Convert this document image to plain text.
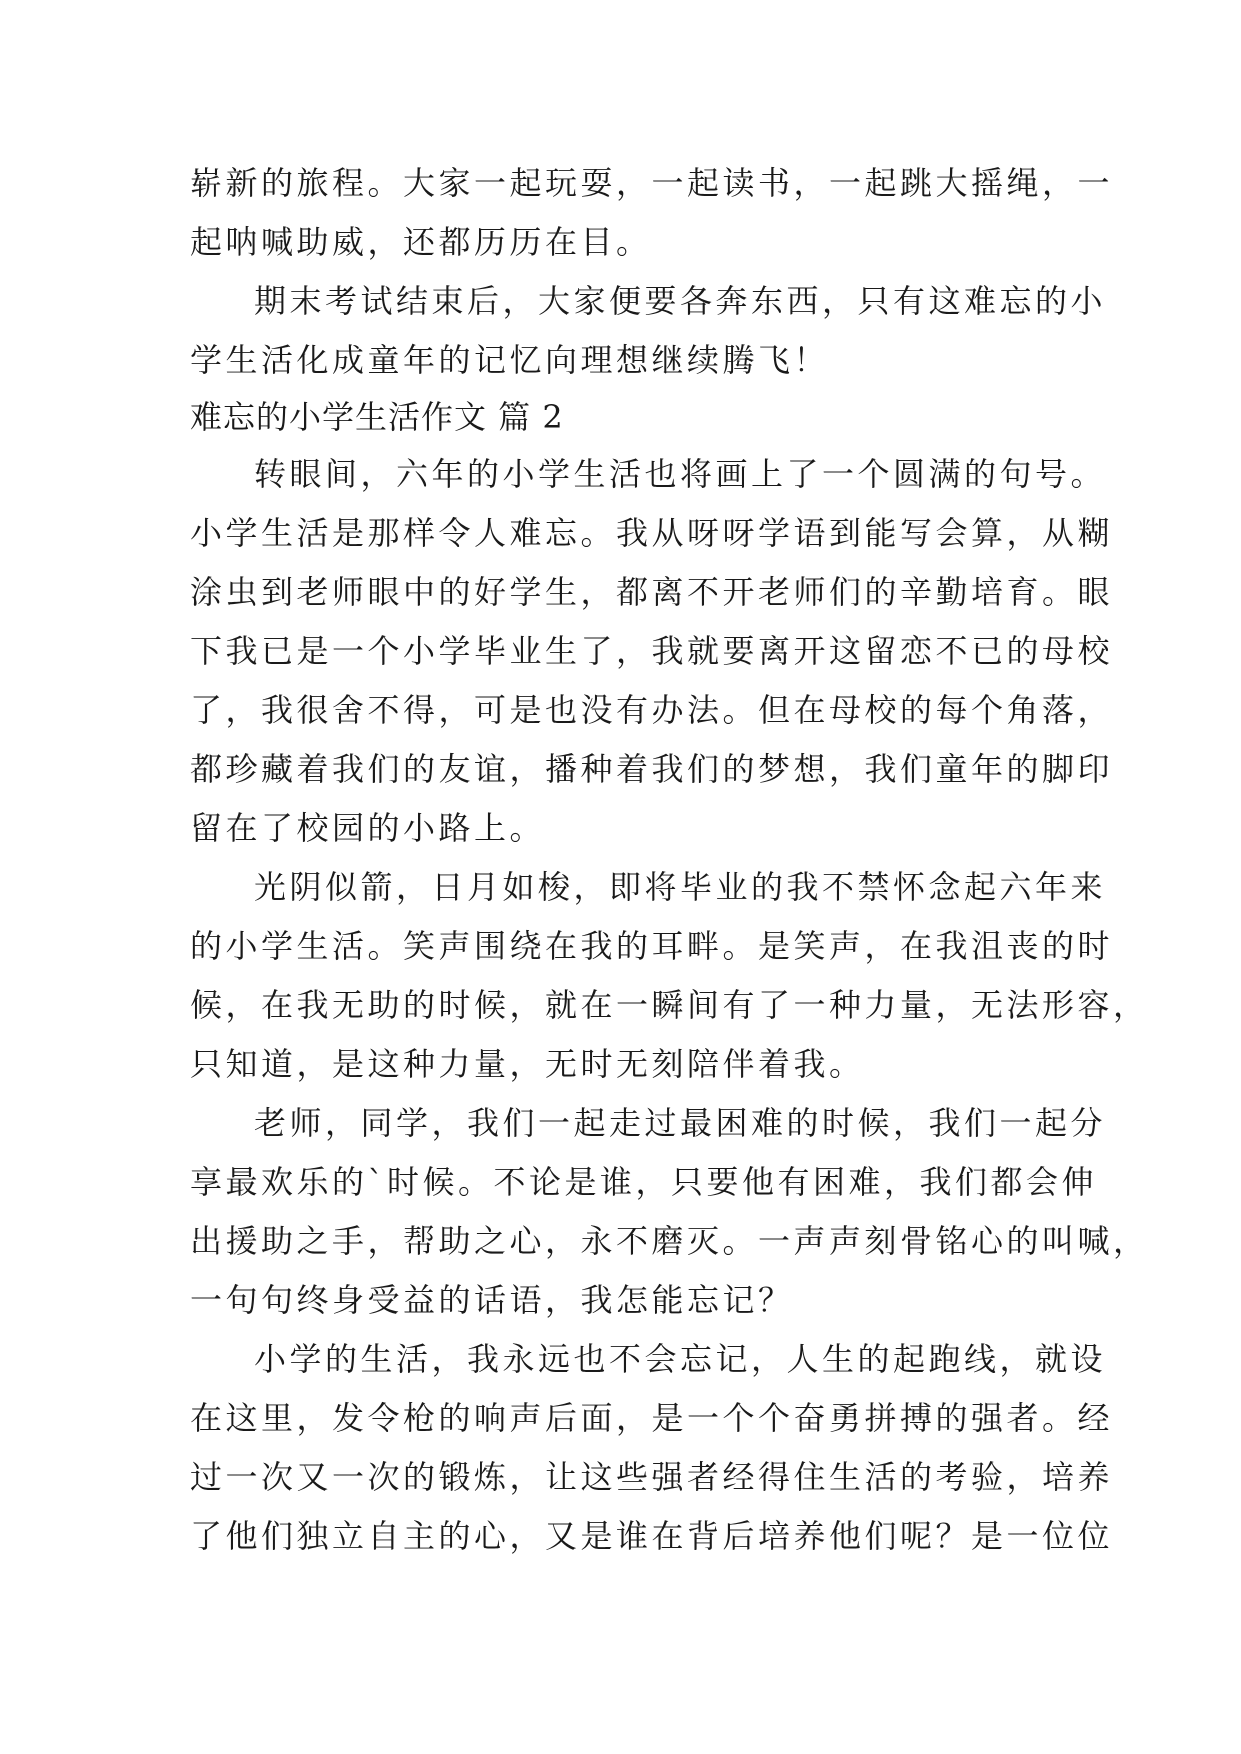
崭新的旅程。大家一起玩耍，一起读书，一起跳大摇绳，一
起呐喊助威，还都历历在目。
期末考试结束后，大家便要各奔东西，只有这难忘的小
学生活化成童年的记忆向理想继续腾飞！
难忘的小学生活作文 篇 2
转眼间，六年的小学生活也将画上了一个圆满的句号。
小学生活是那样令人难忘。我从呀呀学语到能写会算，从糊
涂虫到老师眼中的好学生，都离不开老师们的辛勤培育。眼
下我已是一个小学毕业生了，我就要离开这留恋不已的母校
了，我很舍不得，可是也没有办法。但在母校的每个角落，
都珍藏着我们的友谊，播种着我们的梦想，我们童年的脚印
留在了校园的小路上。
光阴似箭，日月如梭，即将毕业的我不禁怀念起六年来
的小学生活。笑声围绕在我的耳畔。是笑声，在我沮丧的时
候，在我无助的时候，就在一瞬间有了一种力量，无法形容，
只知道，是这种力量，无时无刻陪伴着我。
老师，同学，我们一起走过最困难的时候，我们一起分
享最欢乐的`时候。不论是谁，只要他有困难，我们都会伸
出援助之手，帮助之心，永不磨灭。一声声刻骨铭心的叫喊，
一句句终身受益的话语，我怎能忘记？
小学的生活，我永远也不会忘记，人生的起跑线，就设
在这里，发令枪的响声后面，是一个个奋勇拼搏的强者。经
过一次又一次的锻炼，让这些强者经得住生活的考验，培养
了他们独立自主的心，又是谁在背后培养他们呢？是一位位
